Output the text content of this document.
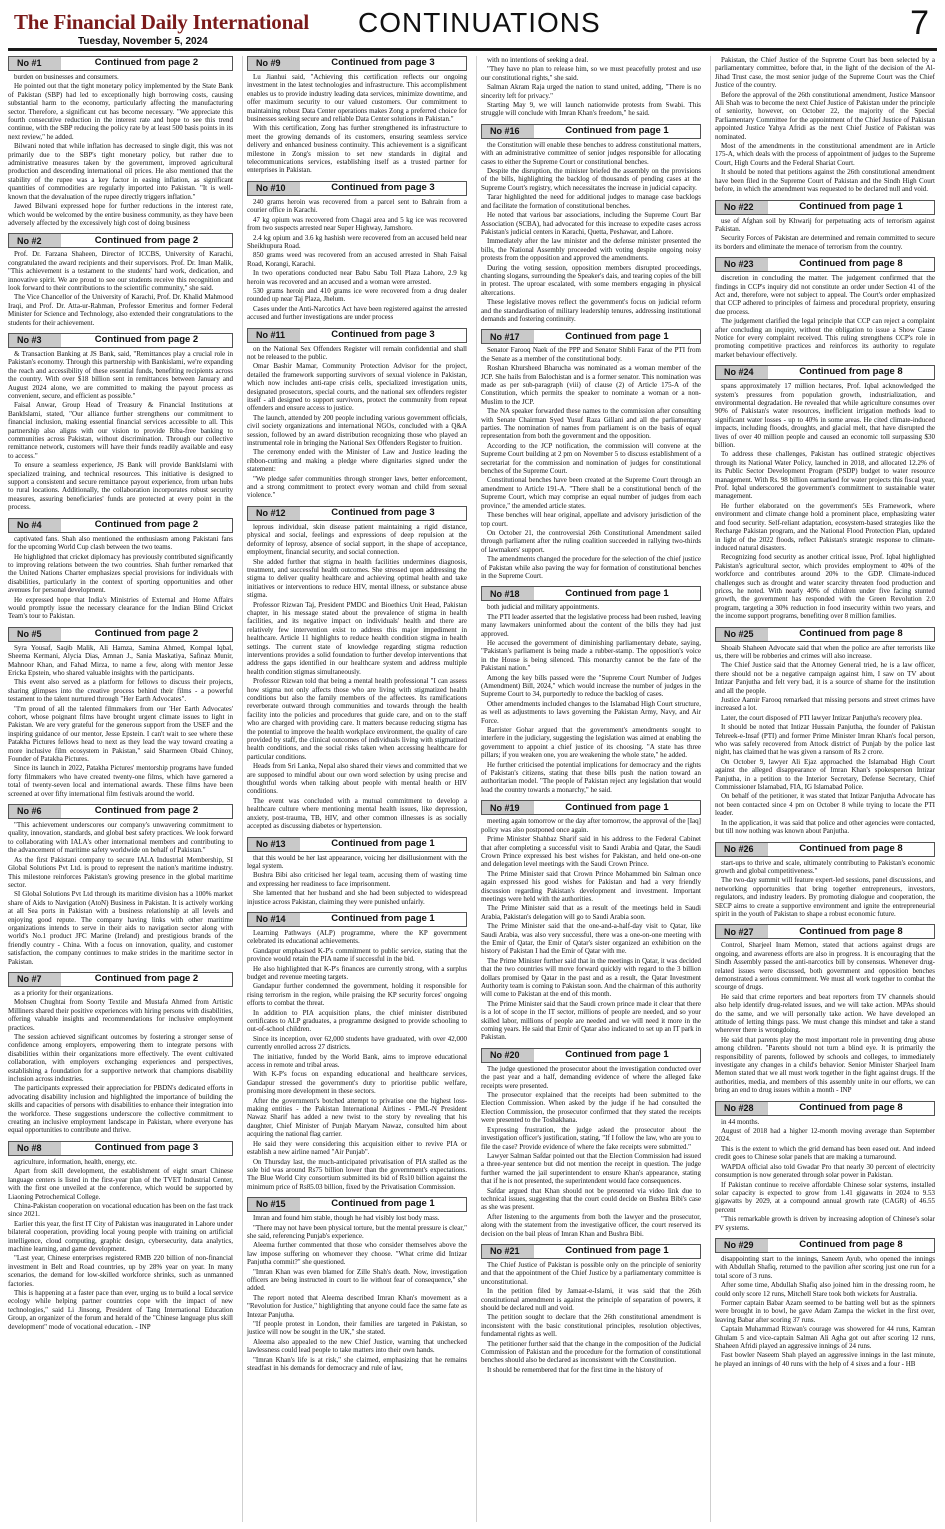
The Financial Daily International
Tuesday, November 5, 2024
CONTINUATIONS	7
No #1	Continued from page 2

burden on businesses and consumers.

He pointed out that the tight monetary policy implemented by the State Bank of Pakistan (SBP) had led to exceptionally high borrowing costs, causing substantial harm to the economy, particularly affecting the manufacturing sector. Therefore, a significant cut has become necessary. "We appreciate this fourth consecutive reduction in the interest rate and hope to see this trend continue, with the SBP reducing the policy rate by at least 500 basis points in its next review," he added.

Bilwani noted that while inflation has decreased to single digit, this was not primarily due to the SBP's tight monetary policy, but rather due to administrative measures taken by the government, improved agricultural production and descending international oil prices. He also mentioned that the stability of the rupee was a key factor in easing inflation, as significant quantities of commodities are regularly imported into Pakistan. "It is well-known that the devaluation of the rupee directly triggers inflation."

Jawed Bilwani expressed hope for further reductions in the interest rate, which would be welcomed by the entire business community, as they have been adversely affected by the excessively high cost of doing business

No #2	Continued from page 2

Prof. Dr. Farzana Shaheen, Director of ICCBS, University of Karachi, congratulated the award recipients and their supervisors. Prof. Dr. Iman Malik, "This achievement is a testament to the students' hard work, dedication, and innovative spirit. We are proud to see our students receive this recognition and look forward to their contributions to the scientific community," she said.

The Vice Chancellor of the University of Karachi, Prof. Dr. Khalid Mahmood Iraqi, and Prof. Dr. Atta-ur-Rahman, Professor Emeritus and former Federal Minister for Science and Technology, also extended their congratulations to the students for their achievement.

No #3	Continued from page 2

& Transaction Banking at JS Bank, said, "Remittances play a crucial role in Pakistan's economy. Through this partnership with Bankislami, we're expanding the reach and accessibility of these essential funds, benefiting recipients across the country. With over $18 billion sent in remittances between January and August 2024 alone, we are committed to making the payout process as convenient, secure, and efficient as possible."

Faisal Anwar, Group Head of Treasury & Financial Institutions at BankIslami, stated, "Our alliance further strengthens our commitment to financial inclusion, making essential financial services accessible to all. This partnership also aligns with our vision to provide Riba-free banking to communities across Pakistan, without discrimination. Through our collective remittance network, customers will have their funds readily available and easy to access."

To ensure a seamless experience, JS Bank will provide BankIslami with specialized training, and technical resources. This initiative is designed to support a consistent and secure remittance payout experience, from urban hubs to rural locations. Additionally, the collaboration incorporates robust security measures, assuring beneficiaries' funds are protected at every point in the process.

No #4	Continued from page 2

captivated fans. Shah also mentioned the enthusiasm among Pakistani fans for the upcoming World Cup clash between the two teams.

He highlighted that cricket diplomacy has previously contributed significantly to improving relations between the two countries. Shah further remarked that the United Nations Charter emphasizes special provisions for individuals with disabilities, particularly in the context of sporting opportunities and other avenues for personal development.

He expressed hope that India's Ministries of External and Home Affairs would promptly issue the necessary clearance for the Indian Blind Cricket Team's tour to Pakistan.

No #5	Continued from page 2

Syra Yousaf, Saqib Malik, Ali Hamza, Samina Ahmed, Kompal Iqbal, Sheema Kermani, Alycia Dias, Amnan J., Sania Maskatiya, Safinaz Munir, Mahnoor Khan, and Fahad Mirza, to name a few, along with mentor Jesse Ericka Epstein, who shared valuable insights with the participants.

This event also served as a platform for fellows to discuss their projects, sharing glimpses into the creative process behind their films - a powerful testament to the talent nurtured through "Her Earth Advocates".

"I'm proud of all the talented filmmakers from our 'Her Earth Advocates' cohort, whose poignant films have brought urgent climate issues to light in Pakistan. We are very grateful for the generous support from the USEF and the inspiring guidance of our mentor, Jesse Epstein. I can't wait to see where these Patakha Pictures fellows head to next as they lead the way toward creating a more inclusive film ecosystem in Pakistan," said Sharmeen Obaid Chinoy, Founder of Patakha Pictures.

Since its launch in 2022, Patakha Pictures' mentorship programs have funded forty filmmakers who have created twenty-one films, which have garnered a total of twenty-seven local and international awards. These films have been screened at over fifty international film festivals around the world.

No #6	Continued from page 2

"This achievement underscores our company's unwavering commitment to quality, innovation, standards, and global best safety practices. We look forward to collaborating with IALA's other international members and contributing to the advancement of maritime safety worldwide on behalf of Pakistan."

As the first Pakistani company to secure IALA Industrial Membership, SI Global Solutions Pvt Ltd. is proud to represent the nation's maritime industry. This milestone reinforces Pakistan's growing presence in the global maritime sector.

SI Global Solutions Pvt Ltd through its maritime division has a 100% market share of Aids to Navigation (AtoN) Business in Pakistan. It is actively working at all Sea ports in Pakistan with a business relationship at all levels and enjoying good repute. The company having links with other maritime organizations intends to serve in their aids to navigation sector along with world's No.1 product JFC Marine (Ireland) and prestigious brands of the friendly country - China. With a focus on innovation, quality, and customer satisfaction, the company continues to make strides in the maritime sector in Pakistan.

No #7	Continued from page 2

as a priority for their organizations.

Mohsen Chughtai from Soorty Textile and Mustafa Ahmed from Artistic Milliners shared their positive experiences with hiring persons with disabilities, offering valuable insights and recommendations for inclusive employment practices.

The session achieved significant outcomes by fostering a stronger sense of confidence among employers, empowering them to integrate persons with disabilities within their organizations more effectively. The event cultivated collaboration, with employers exchanging experiences and perspectives, establishing a foundation for a supportive network that champions disability inclusion across industries.

The participants expressed their appreciation for PBDN's dedicated efforts in advocating disability inclusion and highlighted the importance of building the skills and capacities of persons with disabilities to enhance their integration into the workforce. These suggestions underscore the collective commitment to creating an inclusive employment landscape in Pakistan, where everyone has equal opportunities to contribute and thrive.

No #8	Continued from page 3

agriculture, information, health, energy, etc.

Apart from skill development, the establishment of eight smart Chinese language centers is listed in the first-year plan of the TVET Industrial Center, with the first one unveiled at the conference, which would be supported by Liaoning Petrochemical College.

China-Pakistan cooperation on vocational education has been on the fast track since 2021.

Earlier this year, the first IT City of Pakistan was inaugurated in Lahore under bilateral cooperation, providing local young people with training on artificial intelligence, cloud computing, graphic design, cybersecurity, data analytics, machine learning, and game development.

"Last year, Chinese enterprises registered RMB 220 billion of non-financial investment in Belt and Road countries, up by 28% year on year. In many scenarios, the demand for low-skilled workforce shrinks, such as unmanned factories.

This is happening at a faster pace than ever, urging us to build a local service ecology while helping partner countries cope with the impact of new technologies," said Li Jinsong, President of Tang International Education Group, an organizer of the forum and herald of the "Chinese language plus skill development" mode of vocational education. - INP

No #9	Continued from page 3

Lu Jianhui said, "Achieving this certification reflects our ongoing investment in the latest technologies and infrastructure. This accomplishment enables us to provide industry leading data services, minimize downtime, and offer maximum security to our valued customers. Our commitment to maintaining robust Data Center operations makes Zong a preferred choice for businesses seeking secure and reliable Data Center solutions in Pakistan."

With this certification, Zong has further strengthened its infrastructure to meet the growing demands of its customers, ensuring seamless service delivery and enhanced business continuity. This achievement is a significant milestone in Zong's mission to set new standards in digital and telecommunications services, establishing itself as a trusted partner for enterprises in Pakistan.

No #10	Continued from page 3

240 grams heroin was recovered from a parcel sent to Bahrain from a courier office in Karachi.

47 kg opium was recovered from Chagai area and 5 kg ice was recovered from two suspects arrested near Super Highway, Jamshoro.

2.4 kg opium and 3.6 kg hashish were recovered from an accused held near Sheikhupura Road.

850 grams weed was recovered from an accused arrested in Shah Faisal Road, Korangi, Karachi.

In two operations conducted near Babu Sabu Toll Plaza Lahore, 2.9 kg heroin was recovered and an accused and a woman were arrested.

530 grams heroin and 410 grams ice were recovered from a drug dealer rounded up near Taj Plaza, Jhelum.

Cases under the Anti-Narcotics Act have been registered against the arrested accused and further investigations are under process

No #11	Continued from page 3

on the National Sex Offenders Register will remain confidential and shall not be released to the public.

Omar Bashir Mamar, Community Protection Advisor for the project, detailed the framework supporting survivors of sexual violence in Pakistan, which now includes anti-rape crisis cells, specialized investigation units, designated prosecutors, special courts, and the national sex offenders register itself - all designed to support survivors, protect the community from repeat offenders and ensure access to justice.

The launch, attended by 200 people including various government officials, civil society organizations and international NGOs, concluded with a Q&A session, followed by an award distribution recognizing those who played an instrumental role in bringing the National Sex Offenders Register to fruition.

The ceremony ended with the Minister of Law and Justice leading the ribbon-cutting and making a pledge where dignitaries signed under the statement:

"We pledge safer communities through stronger laws, better enforcement, and a strong commitment to protect every woman and child from sexual violence."

No #12	Continued from page 3

leprous individual, skin disease patient maintaining a rigid distance, physical and social, feelings and expressions of deep repulsion at the deformity of leprosy, absence of social support, in the shape of acceptance, employment, financial security, and social connection.

She added further that stigma in health facilities undermines diagnosis, treatment, and successful health outcomes. She stressed upon addressing the stigma to deliver quality healthcare and achieving optimal health and take initiatives or interventions to reduce HIV, mental illness, or substance abuse stigma.

Professor Rizwan Taj, President PMDC and Bioethics Unit Head, Pakistan chapter, in his message stated about the prevalence of stigma in health facilities, and its negative impact on individuals' health and there are relatively few intervention exist to address this major impediment in healthcare. Article 11 highlights to reduce health condition stigma in health settings. The current state of knowledge regarding stigma reduction interventions provides a solid foundation to further develop interventions that address the gaps identified in our healthcare system and address multiple health condition stigmas simultaneously.

Professor Rizwan told that being a mental health professional "I can assess how stigma not only affects those who are living with stigmatized health conditions but also the family members of the affectees. Its ramifications reverberate outward through communities and towards through the health facility into the policies and procedures that guide care, and on to the staff who are charged with providing care. It matters because reducing stigma has the potential to improve the health workplace environment, the quality of care provided by staff, the clinical outcomes of individuals living with stigmatized health conditions, and the social risks taken when accessing healthcare for particular conditions.

Heads from Sri Lanka, Nepal also shared their views and committed that we are supposed to mindful about our own word selection by using precise and thoughtful words when talking about people with mental health or HIV conditions.

The event was concluded with a mutual commitment to develop a healthcare culture where mentioning mental health issues, like depression, anxiety, post-trauma, TB, HIV, and other common illnesses is as socially accepted as discussing diabetes or hypertension.

No #13	Continued from page 1

that this would be her last appearance, voicing her disillusionment with the legal system.

Bushra Bibi also criticised her legal team, accusing them of wasting time and expressing her readiness to face imprisonment.

She lamented that her husband and she had been subjected to widespread injustice across Pakistan, claiming they were punished unfairly.

No #14	Continued from page 1

Learning Pathways (ALP) programme, where the KP government celebrated its educational achievements.

Gandapur emphasised K-P's commitment to public service, stating that the province would retain the PIA name if successful in the bid.

He also highlighted that K-P's finances are currently strong, with a surplus budget and revenue meeting targets.

Gandapur further condemned the government, holding it responsible for rising terrorism in the region, while praising the KP security forces' ongoing efforts to combat the threat.

In addition to PIA acquisition plans, the chief minister distributed certificates to ALP graduates, a programme designed to provide schooling to out-of-school children.

Since its inception, over 62,000 students have graduated, with over 42,000 currently enrolled across 27 districts.

The initiative, funded by the World Bank, aims to improve educational access in remote and tribal areas.

With K-P's focus on expanding educational and healthcare services, Gandapur stressed the government's duty to prioritise public welfare, promising more development in these sectors.

After the government's botched attempt to privatise one the highest loss-making entities - the Pakistan International Airlines - PML-N President Nawaz Sharif has added a new twist to the story by revealing that his daughter, Chief Minister of Punjab Maryam Nawaz, consulted him about acquiring the national flag carrier.

He said they were considering this acquisition either to revive PIA or establish a new airline named "Air Punjab".

On Thursday last, the much-anticipated privatisation of PIA stalled as the sole bid was around Rs75 billion lower than the government's expectations. The Blue World City consortium submitted its bid of Rs10 billion against the minimum price of Rs85.03 billion, fixed by the Privatisation Commission.

No #15	Continued from page 1

Imran and found him stable, though he had visibly lost body mass.

"There may not have been physical torture, but the mental pressure is clear," she said, referencing Punjab's experience.

Aleema further commented that those who consider themselves above the law impose suffering on whomever they choose. "What crime did Intizar Panjutha commit?" she questioned.

"Imran Khan was even blamed for Zille Shah's death. Now, investigation officers are being instructed in court to lie without fear of consequence," she added.

The report noted that Aleema described Imran Khan's movement as a "Revolution for Justice," highlighting that anyone could face the same fate as Intezar Panjutha.

"If people protest in London, their families are targeted in Pakistan, so justice will now be sought in the UK," she stated.

Aleema also appealed to the new Chief Justice, warning that unchecked lawlessness could lead people to take matters into their own hands.

"Imran Khan's life is at risk," she claimed, emphasizing that he remains steadfast in his demands for democracy and rule of law,

with no intentions of seeking a deal.

"They have no plan to release him, so we must peacefully protest and use our constitutional rights," she said.

Salman Akram Raja urged the nation to stand united, adding, "There is no sincerity left for privacy."

Starting May 9, we will launch nationwide protests from Swabi. This struggle will conclude with Imran Khan's freedom," he said.

No #16	Continued from page 1

the Constitution will enable these benches to address constitutional matters, with an administrative committee of senior judges responsible for allocating cases to either the Supreme Court or constitutional benches.

Despite the disruption, the minister briefed the assembly on the provisions of the bills, highlighting the backlog of thousands of pending cases at the Supreme Court's registry, which necessitates the increase in judicial capacity.

Tarar highlighted the need for additional judges to manage case backlogs and facilitate the formation of constitutional benches.

He noted that various bar associations, including the Supreme Court Bar Association (SCBA), had advocated for this increase to expedite cases across Pakistan's judicial centers in Karachi, Quetta, Peshawar, and Lahore.

Immediately after the law minister and the defense minister presented the bills, the National Assembly proceeded with voting despite ongoing noisy protests from the opposition and approved the amendments.

During the voting session, opposition members disrupted proceedings, chanting slogans, surrounding the Speaker's dais, and tearing copies of the bill in protest. The uproar escalated, with some members engaging in physical altercations.

These legislative moves reflect the government's focus on judicial reform and the standardisation of military leadership tenures, addressing institutional demands and fostering continuity.

No #17	Continued from page 1

Senator Farooq Naek of the PPP and Senator Shibli Faraz of the PTI from the Senate as a member of the constitutional body.

Roshan Khursheed Bharucha was nominated as a woman member of the JCP. She hails from Balochistan and is a former senator. This nomination was made as per sub-paragraph (viii) of clause (2) of Article 175-A of the Constitution, which permits the speaker to nominate a woman or a non-Muslim to the JCP.

The NA speaker forwarded these names to the commission after consulting with Senate Chairman Syed Yusuf Raza Gillani and all the parliamentary parties. The nomination of names from parliament is on the basis of equal representation from both the government and the opposition.

According to the JCP notification, the commission will convene at the Supreme Court building at 2 pm on November 5 to discuss establishment of a secretariat for the commission and nomination of judges for constitutional benches of the Supreme Court.

Constitutional benches have been created at the Supreme Court through an amendment to Article 191-A. "There shall be a constitutional bench of the Supreme Court, which may comprise an equal number of judges from each province," the amended article states.

These benches will hear original, appellate and advisory jurisdiction of the top court.

On October 21, the controversial 26th Constitutional Amendment sailed through parliament after the ruling coalition succeeded in rallying two-thirds of lawmakers' support.

The amendments changed the procedure for the selection of the chief justice of Pakistan while also paving the way for formation of constitutional benches in the Supreme Court.

No #18	Continued from page 1

both judicial and military appointments.

The PTI leader asserted that the legislative process had been rushed, leaving many lawmakers uninformed about the content of the bills they had just approved.

He accused the government of diminishing parliamentary debate, saying, "Pakistan's parliament is being made a rubber-stamp. The opposition's voice in the House is being silenced. This monarchy cannot be the fate of the Pakistani nation."

Among the key bills passed were the "Supreme Court Number of Judges (Amendment) Bill, 2024," which would increase the number of judges in the Supreme Court to 34, purportedly to reduce the backlog of cases.

Other amendments included changes to the Islamabad High Court structure, as well as adjustments to laws governing the Pakistan Army, Navy, and Air Force.

Barrister Gohar argued that the government's amendments sought to interfere in the judiciary, suggesting the legislation was aimed at enabling the government to appoint a chief justice of its choosing. "A state has three pillars; if you weaken one, you are weakening the whole state," he added.

He further criticised the potential implications for democracy and the rights of Pakistan's citizens, stating that these bills push the nation toward an authoritarian model. "The people of Pakistan reject any legislation that would lead the country towards a monarchy," he said.

No #19	Continued from page 1

meeting again tomorrow or the day after tomorrow, the approval of the [Iaq] policy was also postponed once again.

Prime Minister Shahbaz Sharif said in his address to the Federal Cabinet that after completing a successful visit to Saudi Arabia and Qatar, the Saudi Crown Prince expressed his best wishes for Pakistan, and held one-on-one and delegation level meetings with the Saudi Crown Prince.

The Prime Minister said that Crown Prince Mohammed bin Salman once again expressed his good wishes for Pakistan and had a very friendly discussion regarding Pakistan's development and investment. Important meetings were held with the authorities.

The Prime Minister said that as a result of the meetings held in Saudi Arabia, Pakistan's delegation will go to Saudi Arabia soon.

The Prime Minister said that the one-and-a-half-day visit to Qatar, like Saudi Arabia, was also very successful, there was a one-on-one meeting with the Emir of Qatar, the Emir of Qatar's sister organized an exhibition on the history of Pakistan I had the Emir of Qatar with me.

The Prime Minister further said that in the meetings in Qatar, it was decided that the two countries will move forward quickly with regard to the 3 billion dollars promised by Qatar in the past and as a result, the Qatar Investment Authority team is coming to Pakistan soon. And the chairman of this authority will come to Pakistan at the end of this month.

The Prime Minister said that the Saudi crown prince made it clear that there is a lot of scope in the IT sector, millions of people are needed, and so your skilled labor, millions of people are needed and we will need it more in the coming years. He said that Emir of Qatar also indicated to set up an IT park in Pakistan.

No #20	Continued from page 1

The judge questioned the prosecutor about the investigation conducted over the past year and a half, demanding evidence of where the alleged fake receipts were presented.

The prosecutor explained that the receipts had been submitted to the Election Commission. When asked by the judge if he had consulted the Election Commission, the prosecutor confirmed that they stated the receipts were presented to the Toshakhana.

Expressing frustration, the judge asked the prosecutor about the investigation officer's justification, stating, "If I follow the law, who are you to file the case? Provide evidence of where the fake receipts were submitted."

Lawyer Salman Safdar pointed out that the Election Commission had issued a three-year sentence but did not mention the receipt in question. The judge further warned the jail superintendent to ensure Khan's appearance, stating that if he is not presented, the superintendent would face consequences.

Safdar argued that Khan should not be presented via video link due to technical issues, suggesting that the court could decide on Bushra Bibi's case as she was present.

After listening to the arguments from both the lawyer and the prosecutor, along with the statement from the investigative officer, the court reserved its decision on the bail pleas of Imran Khan and Bushra Bibi.

No #21	Continued from page 1

The Chief Justice of Pakistan is possible only on the principle of seniority and that the appointment of the Chief Justice by a parliamentary committee is unconstitutional.

In the petition filed by Jamaat-e-Islami, it was said that the 26th constitutional amendment is against the principle of separation of powers, it should be declared null and void.

The petition sought to declare that the 26th constitutional amendment is inconsistent with the basic constitutional principles, resolution objectives, fundamental rights as well.

The petitioner further said that the change in the composition of the Judicial Commission of Pakistan and the procedure for the formation of constitutional benches should also be declared as inconsistent with the Constitution.

It should be remembered that for the first time in the history of

Pakistan, the Chief Justice of the Supreme Court has been selected by a parliamentary committee, before that, in the light of the decision of the Al-Jihad Trust case, the most senior judge of the Supreme Court was the Chief Justice of the country.

Before the approval of the 26th constitutional amendment, Justice Mansoor Ali Shah was to become the next Chief Justice of Pakistan under the principle of seniority, however, on October 22, the majority of the Special Parliamentary Committee for the appointment of the Chief Justice of Pakistan appointed Justice Yahya Afridi as the next Chief Justice of Pakistan was nominated.

Most of the amendments in the constitutional amendment are in Article 175-A, which deals with the process of appointment of judges to the Supreme Court, High Courts and the Federal Shariat Court.

It should be noted that petitions against the 26th constitutional amendment have been filed in the Supreme Court of Pakistan and the Sindh High Court before, in which the amendment was requested to be declared null and void.

No #22	Continued from page 1

use of Afghan soil by Khwarij for perpetuating acts of terrorism against Pakistan.

Security Forces of Pakistan are determined and remain committed to secure its borders and eliminate the menace of terrorism from the country.

No #23	Continued from page 8

discretion in concluding the matter. The judgement confirmed that the findings in CCP's inquiry did not constitute an order under Section 41 of the Act and, therefore, were not subject to appeal. The Court's order emphasized that CCP adhered to principles of fairness and procedural propriety, ensuring due process.

The judgement clarified the legal principle that CCP can reject a complaint after concluding an inquiry, without the obligation to issue a Show Cause Notice for every complaint received. This ruling strengthens CCP's role in promoting competitive practices and reinforces its authority to regulate market behaviour effectively.

No #24	Continued from page 8

spans approximately 17 million hectares, Prof. Iqbal acknowledged the system's pressures from population growth, industrialization, and environmental degradation. He revealed that while agriculture consumes over 90% of Pakistan's water resources, inefficient irrigation methods lead to significant water losses - up to 40% in some areas. He cited climate-induced impacts, including floods, droughts, and glacial melt, that have disrupted the lives of over 40 million people and caused an economic toll surpassing $30 billion.

To address these challenges, Pakistan has outlined strategic objectives through its National Water Policy, launched in 2018, and allocated 12.2% of its Public Sector Development Program (PSDP) budget to water resource management. With Rs. 98 billion earmarked for water projects this fiscal year, Prof. Iqbal underscored the government's commitment to sustainable water management.

He further elaborated on the government's 5Es Framework, where environment and climate change hold a prominent place, emphasizing water and food security. Self-reliant adaptation, ecosystem-based strategies like the Recharge Pakistan program, and the National Flood Protection Plan, updated in light of the 2022 floods, reflect Pakistan's strategic response to climate-induced natural disasters.

Recognizing food security as another critical issue, Prof. Iqbal highlighted Pakistan's agricultural sector, which provides employment to 40% of the workforce and contributes around 20% to the GDP. Climate-induced challenges such as drought and water scarcity threaten food production and prices, he noted. With nearly 40% of children under five facing stunted growth, the government has responded with the Green Revolution 2.0 program, targeting a 30% reduction in food insecurity within two years, and the income support programs, benefiting over 8 million families.

No #25	Continued from page 8

Shoaib Shaheen Advocate said that when the police are after terrorists like us, there will be robberies and crimes will also increase.

The Chief Justice said that the Attorney General tried, he is a law officer, there should not be a negative campaign against him, I saw on TV about Intizar Panjutha and felt very bad, it is a source of shame for the institution and all the people.

Justice Aamir Farooq remarked that missing persons and street crimes have increased a lot.

Later, the court disposed of PTI lawyer Intizar Panjutha's recovery plea.

It should be noted that Intizar Hussain Panjutha, the founder of Pakistan Tehreek-e-Insaf (PTI) and former Prime Minister Imran Khan's focal person, who was safely recovered from Attock district of Punjab by the police last night, has claimed that he was given a ransom of Rs 2 crore.

On October 9, lawyer Ali Ejaz approached the Islamabad High Court against the alleged disappearance of Imran Khan's spokesperson Intizar Panjutha, in a petition to the Interior Secretary, Defense Secretary, Chief Commissioner Islamabad, FIA, IG Islamabad Police.

On behalf of the petitioner, it was stated that Intizar Panjutha Advocate has not been contacted since 4 pm on October 8 while trying to locate the PTI leader.

In the application, it was said that police and other agencies were contacted, but till now nothing was known about Panjutha.

No #26	Continued from page 8

start-ups to thrive and scale, ultimately contributing to Pakistan's economic growth and global competitiveness."

The two-day summit will feature expert-led sessions, panel discussions, and networking opportunities that bring together entrepreneurs, investors, regulators, and industry leaders. By promoting dialogue and cooperation, the SECP aims to create a supportive environment and ignite the entrepreneurial spirit in the youth of Pakistan to shape a robust economic future.

No #27	Continued from page 8

Control, Sharjeel Inam Memon, stated that actions against drugs are ongoing, and awareness efforts are also in progress. It is encouraging that the Sindh Assembly passed the anti-narcotics bill by consensus. Whenever drug-related issues were discussed, both government and opposition benches demonstrated a serious commitment. We must all work together to combat the scourge of drugs.

He said that crime reporters and beat reporters from TV channels should also help identify drug-related issues, and we will take action. MPAs should do the same, and we will personally take action. We have developed an attitude of letting things pass. We must change this mindset and take a stand wherever there is wrongdoing.

He said that parents play the most important role in preventing drug abuse among children. "Parents should not turn a blind eye. It is primarily the responsibility of parents, followed by schools and colleges, to immediately investigate any changes in a child's behavior. Senior Minister Sharjeel Inam Memon stated that we all must work together in the fight against drugs. If the authorities, media, and members of this assembly unite in our efforts, we can bring an end to drug issues within a month - INP

No #28	Continued from page 8

in 44 months.

August of 2018 had a higher 12-month moving average than September 2024.

This is the extent to which the grid demand has been eased out. And indeed credit goes to Chinese solar panels that are making a turnaround.

WAPDA official also told Gwadar Pro that nearly 30 percent of electricity consumption is now generated through solar power in Pakistan.

If Pakistan continue to receive affordable Chinese solar systems, installed solar capacity is expected to grow from 1.41 gigawatts in 2024 to 9.53 gigawatts by 2029, at a compound annual growth rate (CAGR) of 46.55 percent

"This remarkable growth is driven by increasing adoption of Chinese's solar PV systems.

No #29	Continued from page 8

disappointing start to the innings, Saneem Ayub, who opened the innings with Abdullah Shafiq, returned to the pavilion after scoring just one run for a total score of 3 runs.

After some time, Abdullah Shafiq also joined him in the dressing room, he could only score 12 runs, Mitchell Stare took both wickets for Australia.

Former captain Babar Azam seemed to be batting well but as the spinners were brought in to bowl, he gave Adam Zampa the wicket in the first over, leaving Babar after scoring 37 runs.

Captain Muhammad Rizwan's courage was showered for 44 runs, Kamran Ghulam 5 and vice-captain Salman Ali Agha got out after scoring 12 runs, Shaheen Afridi played an aggressive innings of 24 runs.

Fast bowler Naseem Shah played an aggressive innings in the last minute, he played an innings of 40 runs with the help of 4 sixes and a four - HB
